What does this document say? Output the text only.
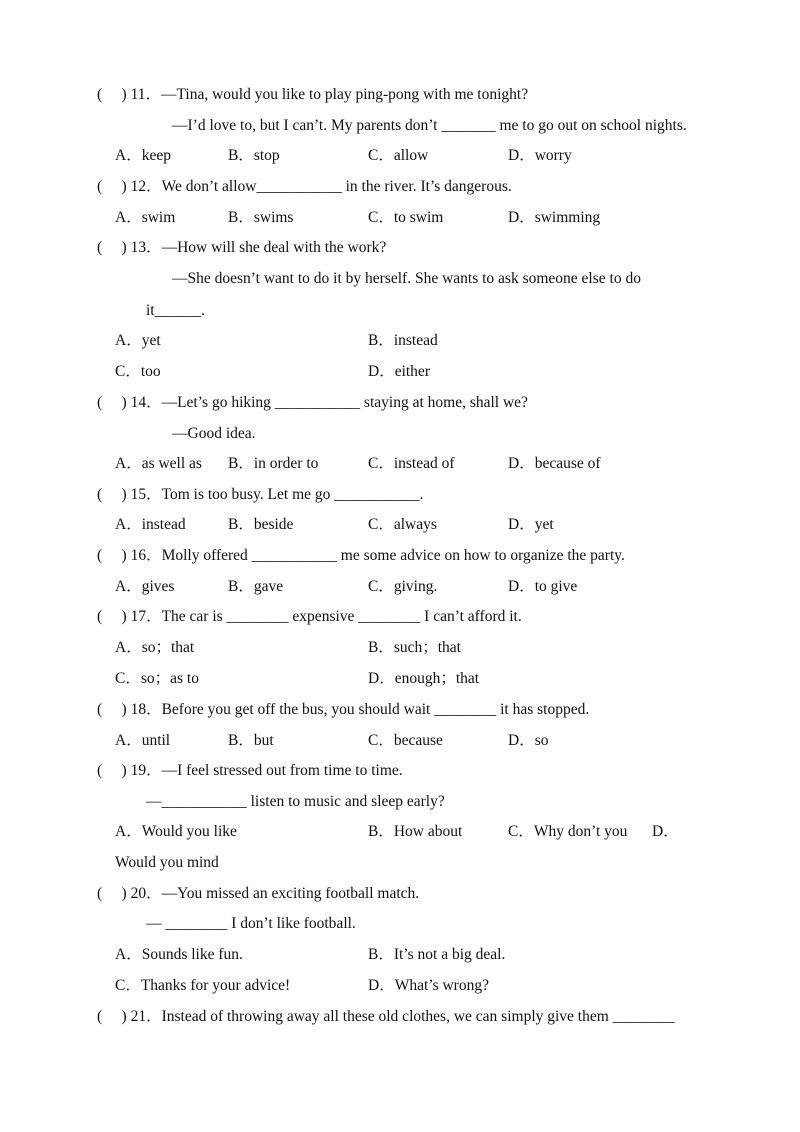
(　 ) 11．—Tina, would you like to play ping-pong with me tonight?
—I’d love to, but I can’t. My parents don’t _______ me to go out on school nights.
A．keep	B．stop	C．allow	D．worry
(　 ) 12．We don’t allow___________ in the river. It’s dangerous.
A．swim	B．swims	C．to swim	D．swimming
(　 ) 13．—How will she deal with the work?
—She doesn’t want to do it by herself. She wants to ask someone else to do
it______.
A．yet	B．instead
C．too	D．either
(　 ) 14．—Let’s go hiking ___________ staying at home, shall we?
—Good idea.
A．as well as B．in order to	C．instead of	D．because of
(　 ) 15．Tom is too busy. Let me go ___________.
A．instead	B．beside	C．always	D．yet
(　 ) 16．Molly offered ___________ me some advice on how to organize the party.
A．gives	B．gave	C．giving.	D．to give
(　 ) 17．The car is ________ expensive ________ I can’t afford it.
A．so；that	B．such；that
C．so；as to	D．enough；that
(　 ) 18．Before you get off the bus, you should wait ________ it has stopped.
A．until	B．but	C．because	D．so
(　 ) 19．—I feel stressed out from time to time.
—___________ listen to music and sleep early?
A．Would you like	B．How about	C．Why don’t you D．
Would you mind
(　 ) 20．—You missed an exciting football match.
— ________ I don’t like football.
A．Sounds like fun.	B．It’s not a big deal.
C．Thanks for your advice!	D．What’s wrong?
(　 ) 21．Instead of throwing away all these old clothes, we can simply give them ________
